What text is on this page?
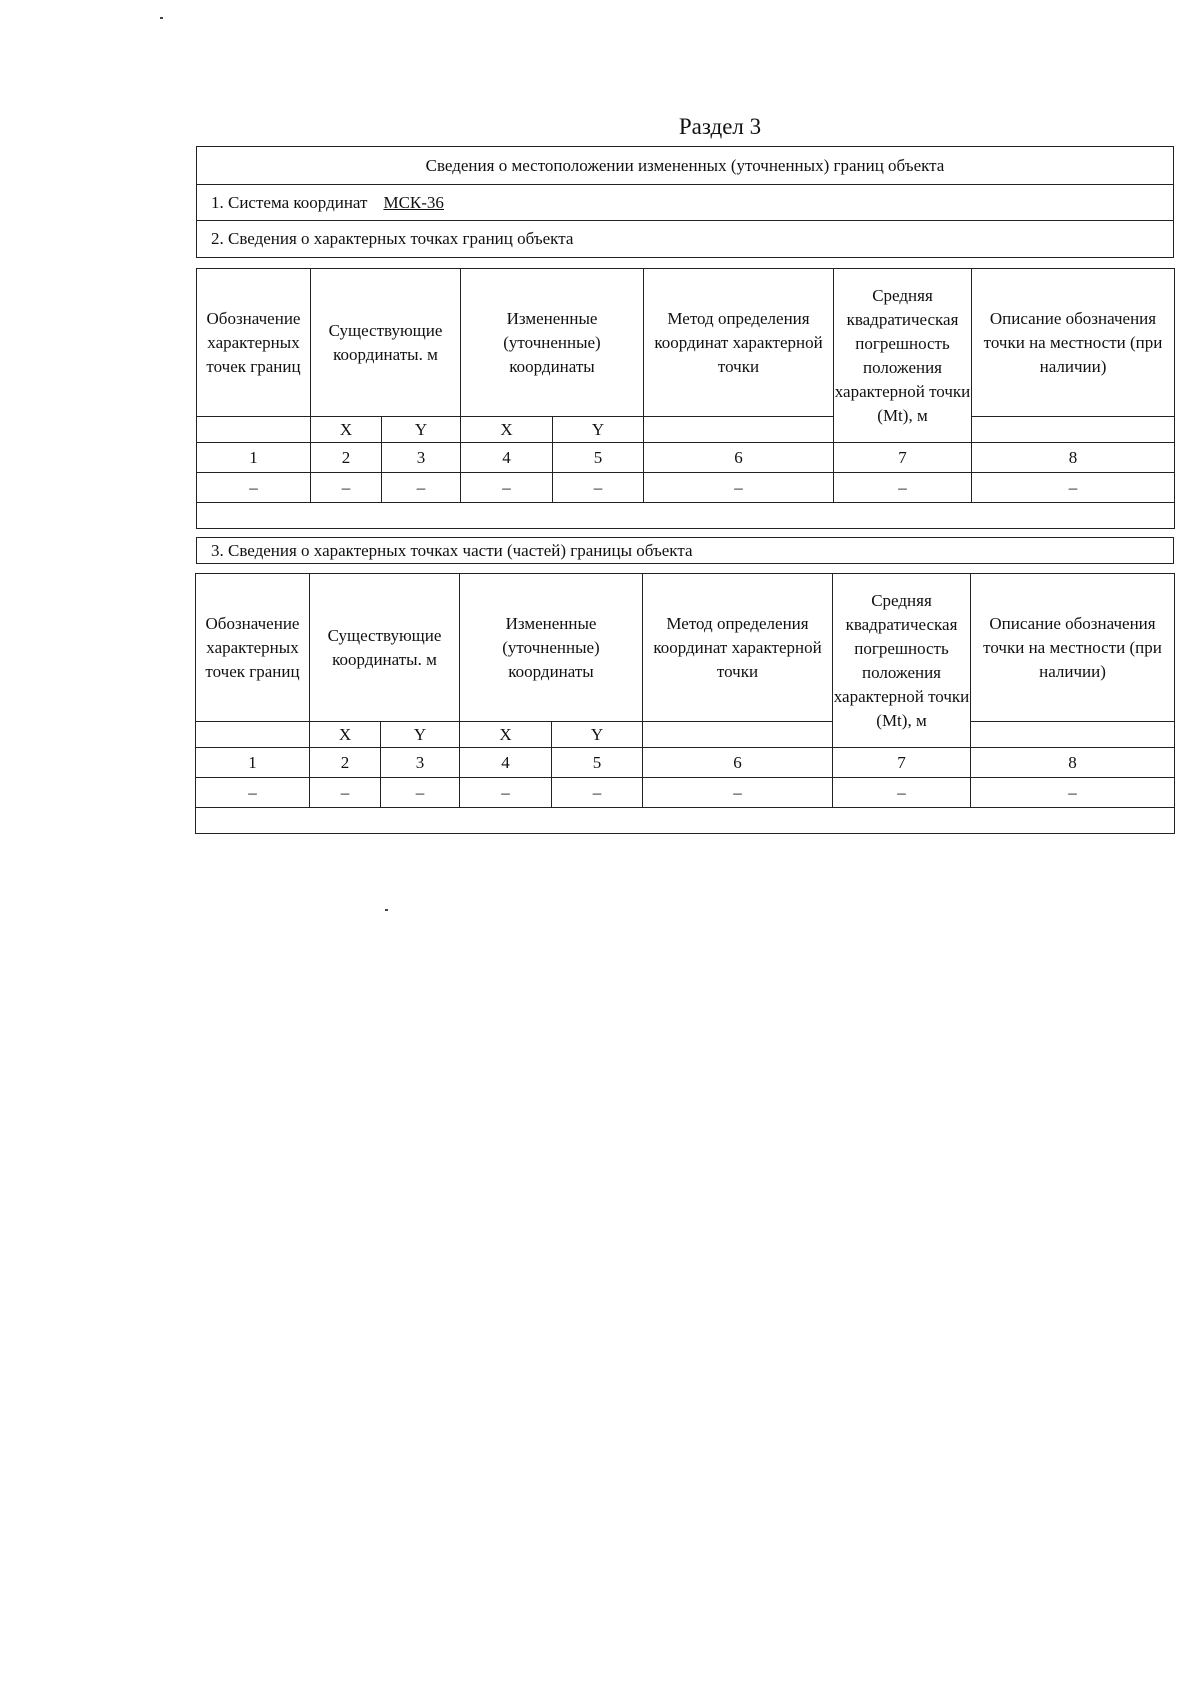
Раздел 3
Сведения о местоположении измененных (уточненных) границ объекта
1. Система координат МСК-36
2. Сведения о характерных точках границ объекта
Обозначение характерных точек границ	Существующие координаты. м		Измененные (уточненные) координаты		Метод определения координат характерной точки	Средняя квадратическая погрешность положения характерной точки (Mt), м	Описание обозначения точки на местности (при наличии)
	X	Y	X	Y			
1	2	3	4	5	6	7	8
–	–	–	–	–	–	–	–

3. Сведения о характерных точках части (частей) границы объекта
Обозначение характерных точек границ	Существующие координаты. м		Измененные (уточненные) координаты		Метод определения координат характерной точки	Средняя квадратическая погрешность положения характерной точки (Mt), м	Описание обозначения точки на местности (при наличии)
	X	Y	X	Y			
1	2	3	4	5	6	7	8
–	–	–	–	–	–	–	–
